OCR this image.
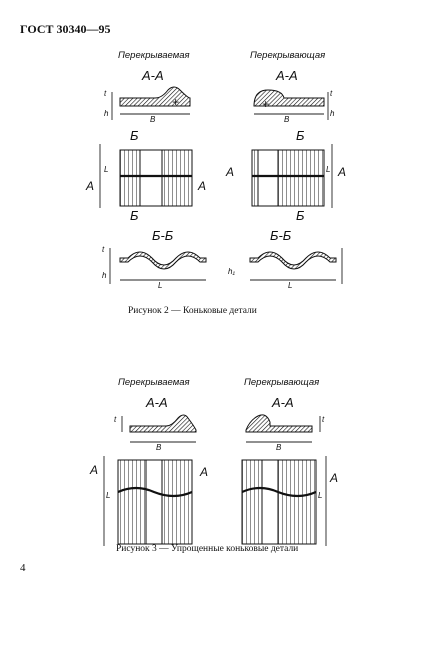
ГОСТ 30340—95
Перекрываемая	Перекрывающая
А-А	А-А
t
h
B
+
t
h
B
+
Б	Б
A	A
L	A	A
L
Б	Б
Б-Б	Б-Б
t
h
L
h₁
L
Рисунок 2 — Коньковые детали
Перекрываемая	Перекрывающая
А-А	А-А
t
B
t
B
A	A
L
A
L
Рисунок 3 — Упрощенные коньковые детали
4
